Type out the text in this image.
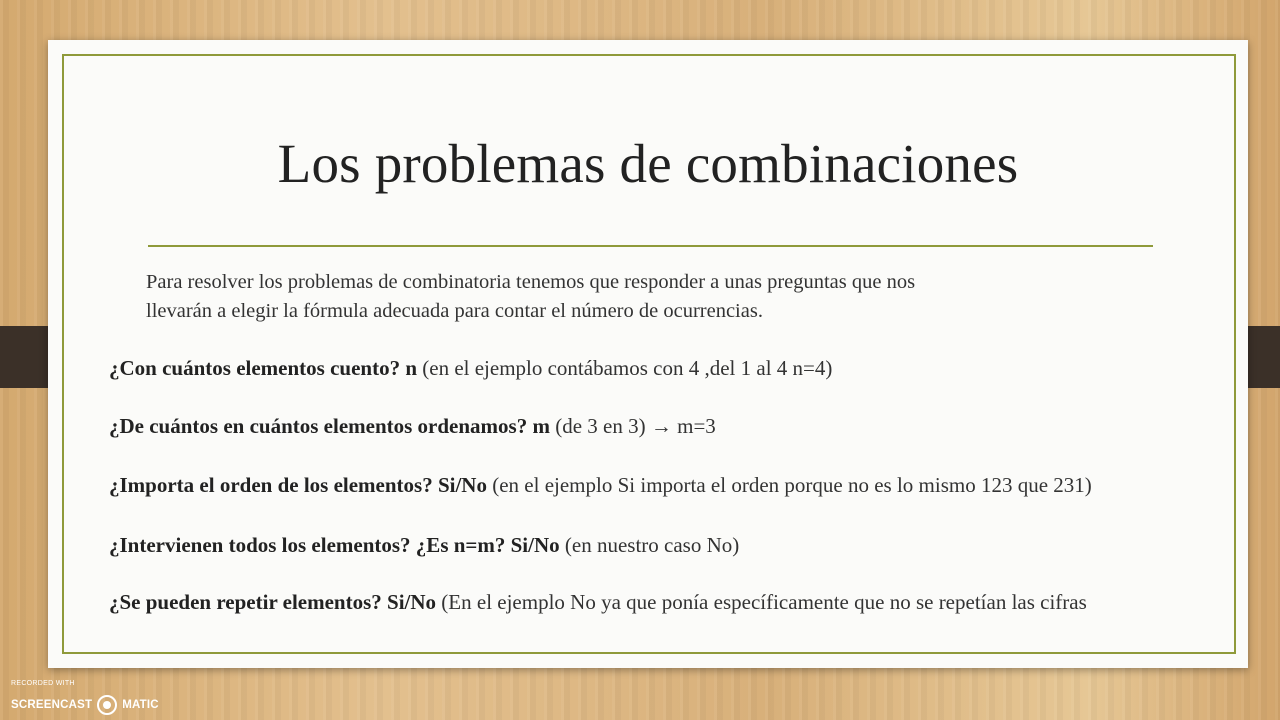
Los problemas de combinaciones
Para resolver los problemas de combinatoria tenemos que responder a unas preguntas que nos
llevarán a elegir la fórmula adecuada para contar el número de ocurrencias.
¿Con cuántos elementos cuento? n (en el ejemplo contábamos con 4 ,del 1 al 4 n=4)
¿De cuántos en cuántos elementos ordenamos? m (de 3 en 3) → m=3
¿Importa el orden de los elementos? Si/No (en el ejemplo Si importa el orden porque no es lo mismo 123 que 231)
¿Intervienen todos los elementos? ¿Es n=m? Si/No (en nuestro caso No)
¿Se pueden repetir elementos? Si/No (En el ejemplo No ya que ponía específicamente que no se repetían las cifras
RECORDED WITH
SCREENCAST	MATIC
